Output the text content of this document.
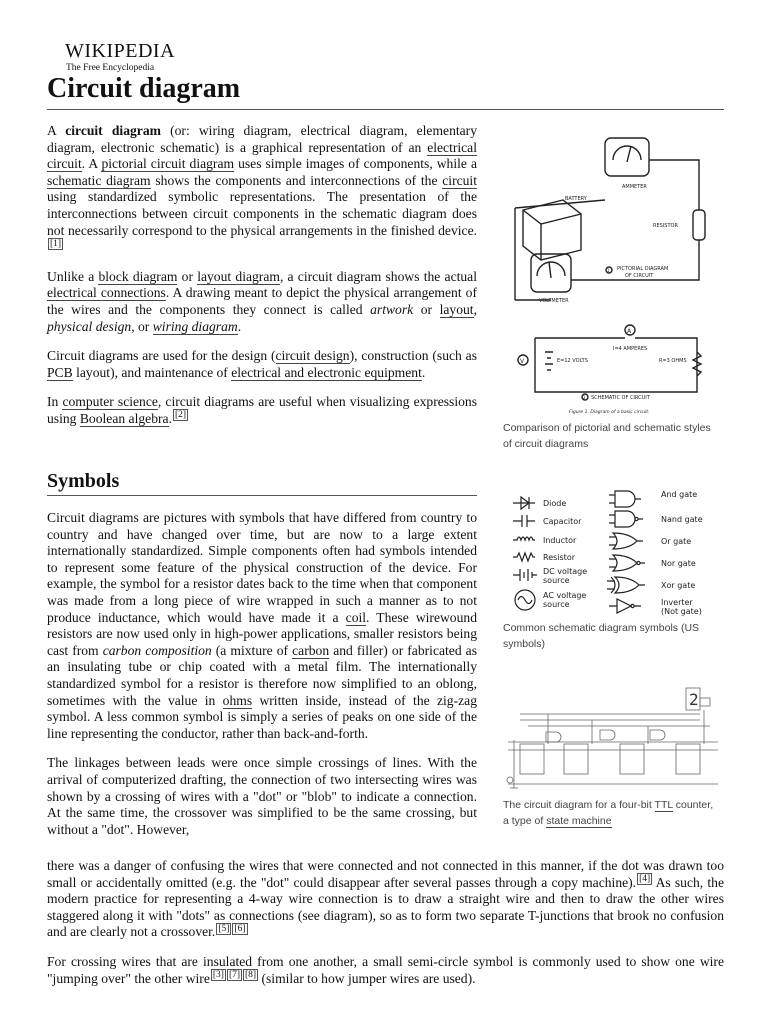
WIKIPEDIA
The Free Encyclopedia
Circuit diagram

A circuit diagram (or: wiring diagram, electrical diagram, elementary diagram, electronic schematic) is a graphical representation of an electrical circuit. A pictorial circuit diagram uses simple images of components, while a schematic diagram shows the components and interconnections of the circuit using standardized symbolic representations. The presentation of the interconnections between circuit components in the schematic diagram does not necessarily correspond to the physical arrangements in the finished device.[1]

Unlike a block diagram or layout diagram, a circuit diagram shows the actual electrical connections. A drawing meant to depict the physical arrangement of the wires and the components they connect is called artwork or layout, physical design, or wiring diagram.

Circuit diagrams are used for the design (circuit design), construction (such as PCB layout), and maintenance of electrical and electronic equipment.

In computer science, circuit diagrams are useful when visualizing expressions using Boolean algebra. [2]

Symbols

Circuit diagrams are pictures with symbols that have differed from country to country and have changed over time, but are now to a large extent internationally standardized. Simple components often had symbols intended to represent some feature of the physical construction of the device. For example, the symbol for a resistor dates back to the time when that component was made from a long piece of wire wrapped in such a manner as to not produce inductance, which would have made it a coil. These wirewound resistors are now used only in high-power applications, smaller resistors being cast from carbon composition (a mixture of carbon and filler) or fabricated as an insulating tube or chip coated with a metal film. The internationally standardized symbol for a resistor is therefore now simplified to an oblong, sometimes with the value in ohms written inside, instead of the zig-zag symbol. A less common symbol is simply a series of peaks on one side of the line representing the conductor, rather than back-and-forth.

The linkages between leads were once simple crossings of lines. With the arrival of computerized drafting, the connection of two intersecting wires was shown by a crossing of wires with a "dot" or "blob" to indicate a connection. At the same time, the crossover was simplified to be the same crossing, but without a "dot". However,

there was a danger of confusing the wires that were connected and not connected in this manner, if the dot was drawn too small or accidentally omitted (e.g. the "dot" could disappear after several passes through a copy machine). [4] As such, the modern practice for representing a 4-way wire connection is to draw a straight wire and then to draw the other wires staggered along it with "dots" as connections (see diagram), so as to form two separate T-junctions that brook no confusion and are clearly not a crossover. [5] [6]

For crossing wires that are insulated from one another, a small semi-circle symbol is commonly used to show one wire "jumping over" the other wire [3] [7] [8] (similar to how jumper wires are used).

AMMETER
BATTERY
RESISTOR
VOLTMETER
1 PICTORIAL DIAGRAM
OF CIRCUIT
A
V
I=4 AMPERES
E=12 VOLTS	R=3 OHMS
2 SCHEMATIC OF CIRCUIT
Figure 1. Diagram of a basic circuit.
Comparison of pictorial and schematic styles of circuit diagrams
Diode
Capacitor
Inductor
Resistor
DC voltage
source
AC voltage
source
And gate
Nand gate
Or gate
Nor gate
Xor gate
Inverter
(Not gate)
Common schematic diagram symbols (US symbols)
2
The circuit diagram for a four-bit TTL counter, a type of state machine
